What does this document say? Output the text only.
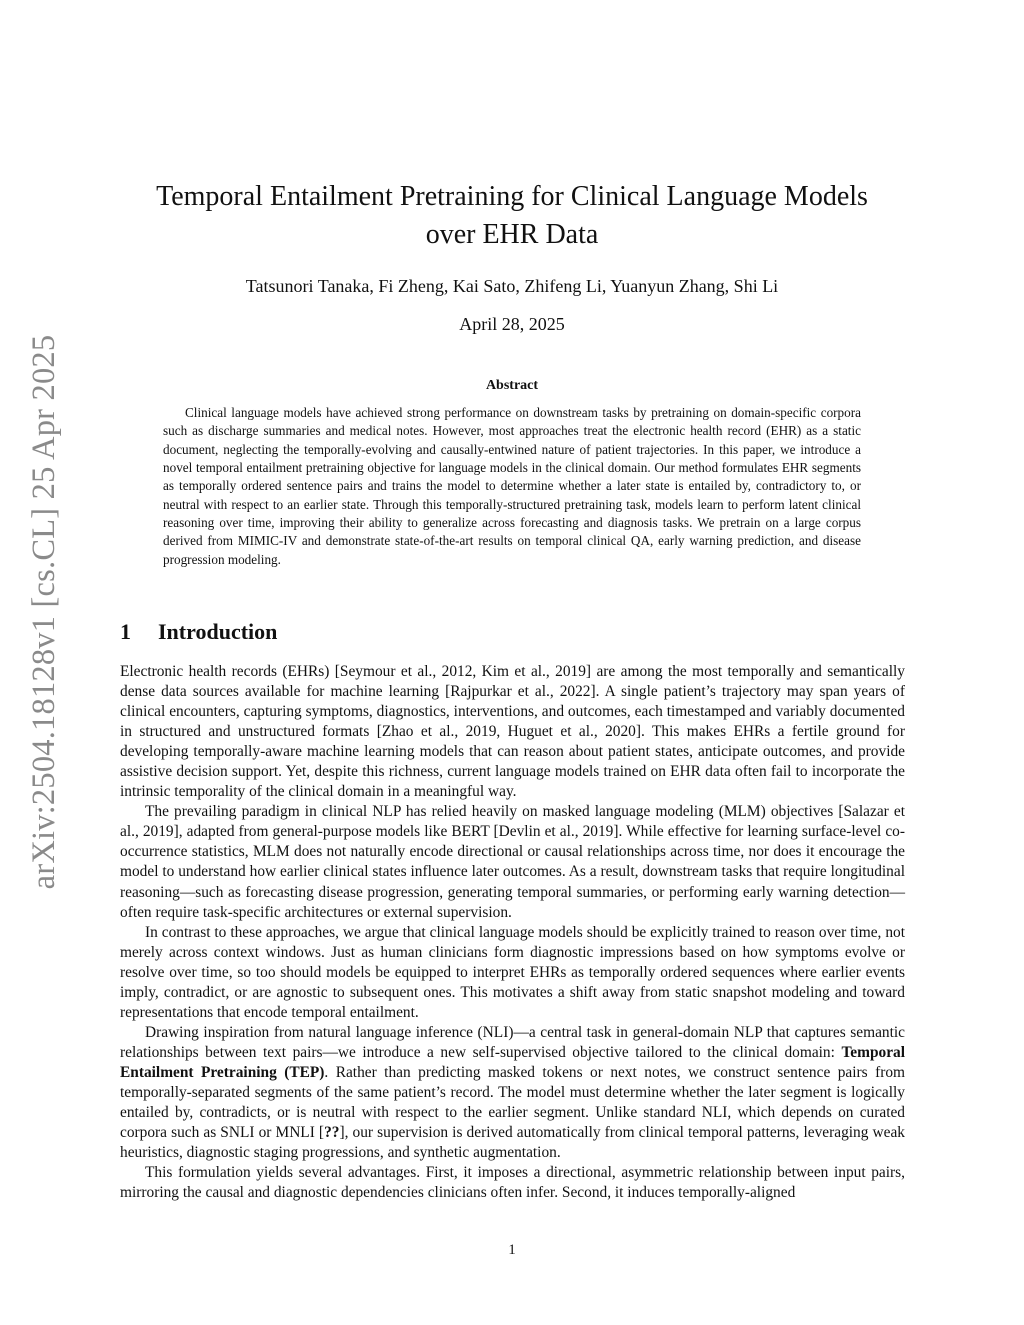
arXiv:2504.18128v1 [cs.CL] 25 Apr 2025
Temporal Entailment Pretraining for Clinical Language Models
over EHR Data
Tatsunori Tanaka, Fi Zheng, Kai Sato, Zhifeng Li, Yuanyun Zhang, Shi Li
April 28, 2025
Abstract

Clinical language models have achieved strong performance on downstream tasks by pretraining on domain-specific corpora such as discharge summaries and medical notes. However, most approaches treat the electronic health record (EHR) as a static document, neglecting the temporally-evolving and causally-entwined nature of patient trajectories. In this paper, we introduce a novel temporal entailment pretraining objective for language models in the clinical domain. Our method formulates EHR segments as temporally ordered sentence pairs and trains the model to determine whether a later state is entailed by, contradictory to, or neutral with respect to an earlier state. Through this temporally-structured pretraining task, models learn to perform latent clinical reasoning over time, improving their ability to generalize across forecasting and diagnosis tasks. We pretrain on a large corpus derived from MIMIC-IV and demonstrate state-of-the-art results on temporal clinical QA, early warning prediction, and disease progression modeling.

1 Introduction

Electronic health records (EHRs) [Seymour et al., 2012, Kim et al., 2019] are among the most temporally and semantically dense data sources available for machine learning [Rajpurkar et al., 2022]. A single patient’s trajectory may span years of clinical encounters, capturing symptoms, diagnostics, interventions, and outcomes, each timestamped and variably documented in structured and unstructured formats [Zhao et al., 2019, Huguet et al., 2020]. This makes EHRs a fertile ground for developing temporally-aware machine learning models that can reason about patient states, anticipate outcomes, and provide assistive decision support. Yet, despite this richness, current language models trained on EHR data often fail to incorporate the intrinsic temporality of the clinical domain in a meaningful way.

The prevailing paradigm in clinical NLP has relied heavily on masked language modeling (MLM) objectives [Salazar et al., 2019], adapted from general-purpose models like BERT [Devlin et al., 2019]. While effective for learning surface-level co-occurrence statistics, MLM does not naturally encode directional or causal relationships across time, nor does it encourage the model to understand how earlier clinical states influence later outcomes. As a result, downstream tasks that require longitudinal reasoning—such as forecasting disease progression, generating temporal summaries, or performing early warning detection—often require task-specific architectures or external supervision.

In contrast to these approaches, we argue that clinical language models should be explicitly trained to reason over time, not merely across context windows. Just as human clinicians form diagnostic impressions based on how symptoms evolve or resolve over time, so too should models be equipped to interpret EHRs as temporally ordered sequences where earlier events imply, contradict, or are agnostic to subsequent ones. This motivates a shift away from static snapshot modeling and toward representations that encode temporal entailment.

Drawing inspiration from natural language inference (NLI)—a central task in general-domain NLP that captures semantic relationships between text pairs—we introduce a new self-supervised objective tailored to the clinical domain: Temporal Entailment Pretraining (TEP). Rather than predicting masked tokens or next notes, we construct sentence pairs from temporally-separated segments of the same patient’s record. The model must determine whether the later segment is logically entailed by, contradicts, or is neutral with respect to the earlier segment. Unlike standard NLI, which depends on curated corpora such as SNLI or MNLI [??], our supervision is derived automatically from clinical temporal patterns, leveraging weak heuristics, diagnostic staging progressions, and synthetic augmentation.

This formulation yields several advantages. First, it imposes a directional, asymmetric relationship between input pairs, mirroring the causal and diagnostic dependencies clinicians often infer. Second, it induces temporally-aligned

1
